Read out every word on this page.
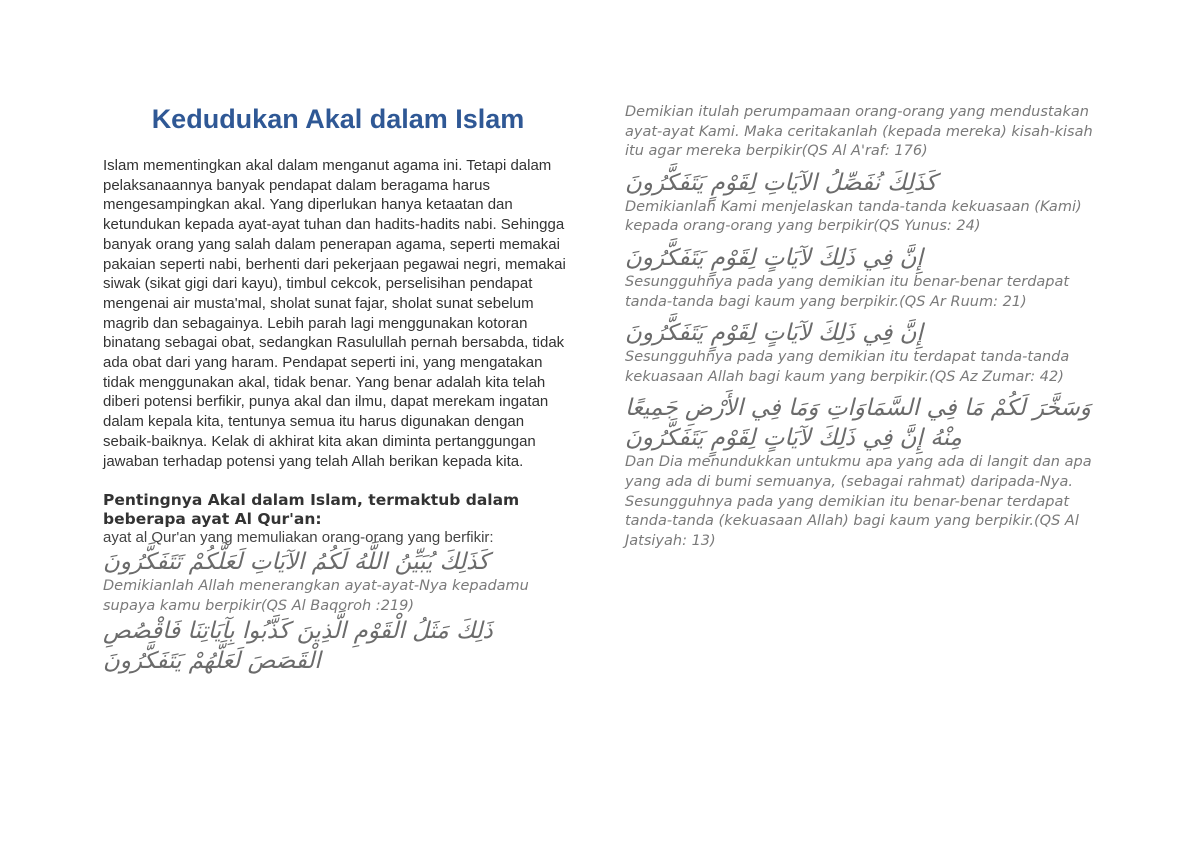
Kedudukan Akal dalam Islam

Islam mementingkan akal dalam menganut agama ini. Tetapi dalam pelaksanaannya banyak pendapat dalam beragama harus mengesampingkan akal. Yang diperlukan hanya ketaatan dan ketundukan kepada ayat-ayat tuhan dan hadits-hadits nabi. Sehingga banyak orang yang salah dalam penerapan agama, seperti memakai pakaian seperti nabi, berhenti dari pekerjaan pegawai negri, memakai siwak (sikat gigi dari kayu), timbul cekcok, perselisihan pendapat mengenai air musta'mal, sholat sunat fajar, sholat sunat sebelum magrib dan sebagainya. Lebih parah lagi menggunakan kotoran binatang sebagai obat, sedangkan Rasulullah pernah bersabda, tidak ada obat dari yang haram. Pendapat seperti ini, yang mengatakan tidak menggunakan akal, tidak benar. Yang benar adalah kita telah diberi potensi berfikir, punya akal dan ilmu, dapat merekam ingatan dalam kepala kita, tentunya semua itu harus digunakan dengan sebaik-baiknya. Kelak di akhirat kita akan diminta pertanggungan jawaban terhadap potensi yang telah Allah berikan kepada kita.

Pentingnya Akal dalam Islam, termaktub dalam beberapa ayat Al Qur'an:

ayat al Qur'an yang memuliakan orang-orang yang berfikir:

كَذَلِكَ يُبَيِّنُ اللَّهُ لَكُمُ الآيَاتِ لَعَلَّكُمْ تَتَفَكَّرُونَ

Demikianlah Allah menerangkan ayat-ayat-Nya kepadamu supaya kamu berpikir(QS Al Baqoroh :219)

ذَلِكَ مَثَلُ الْقَوْمِ الَّذِينَ كَذَّبُوا بِآيَاتِنَا فَاقْصُصِ الْقَصَصَ لَعَلَّهُمْ يَتَفَكَّرُونَ

Demikian itulah perumpamaan orang-orang yang mendustakan ayat-ayat Kami. Maka ceritakanlah (kepada mereka) kisah-kisah itu agar mereka berpikir(QS Al A'raf: 176)

كَذَلِكَ نُفَصِّلُ الآيَاتِ لِقَوْمٍ يَتَفَكَّرُونَ

Demikianlah Kami menjelaskan tanda-tanda kekuasaan (Kami) kepada orang-orang yang berpikir(QS Yunus: 24)

إِنَّ فِي ذَلِكَ لآيَاتٍ لِقَوْمٍ يَتَفَكَّرُونَ

Sesungguhnya pada yang demikian itu benar-benar terdapat tanda-tanda bagi kaum yang berpikir.(QS Ar Ruum: 21)

إِنَّ فِي ذَلِكَ لآيَاتٍ لِقَوْمٍ يَتَفَكَّرُونَ

Sesungguhnya pada yang demikian itu terdapat tanda-tanda kekuasaan Allah bagi kaum yang berpikir.(QS Az Zumar: 42)

وَسَخَّرَ لَكُمْ مَا فِي السَّمَاوَاتِ وَمَا فِي الأَرْضِ جَمِيعًا مِنْهُ إِنَّ فِي ذَلِكَ لآيَاتٍ لِقَوْمٍ يَتَفَكَّرُونَ

Dan Dia menundukkan untukmu apa yang ada di langit dan apa yang ada di bumi semuanya, (sebagai rahmat) daripada-Nya. Sesungguhnya pada yang demikian itu benar-benar terdapat tanda-tanda (kekuasaan Allah) bagi kaum yang berpikir.(QS Al Jatsiyah: 13)
